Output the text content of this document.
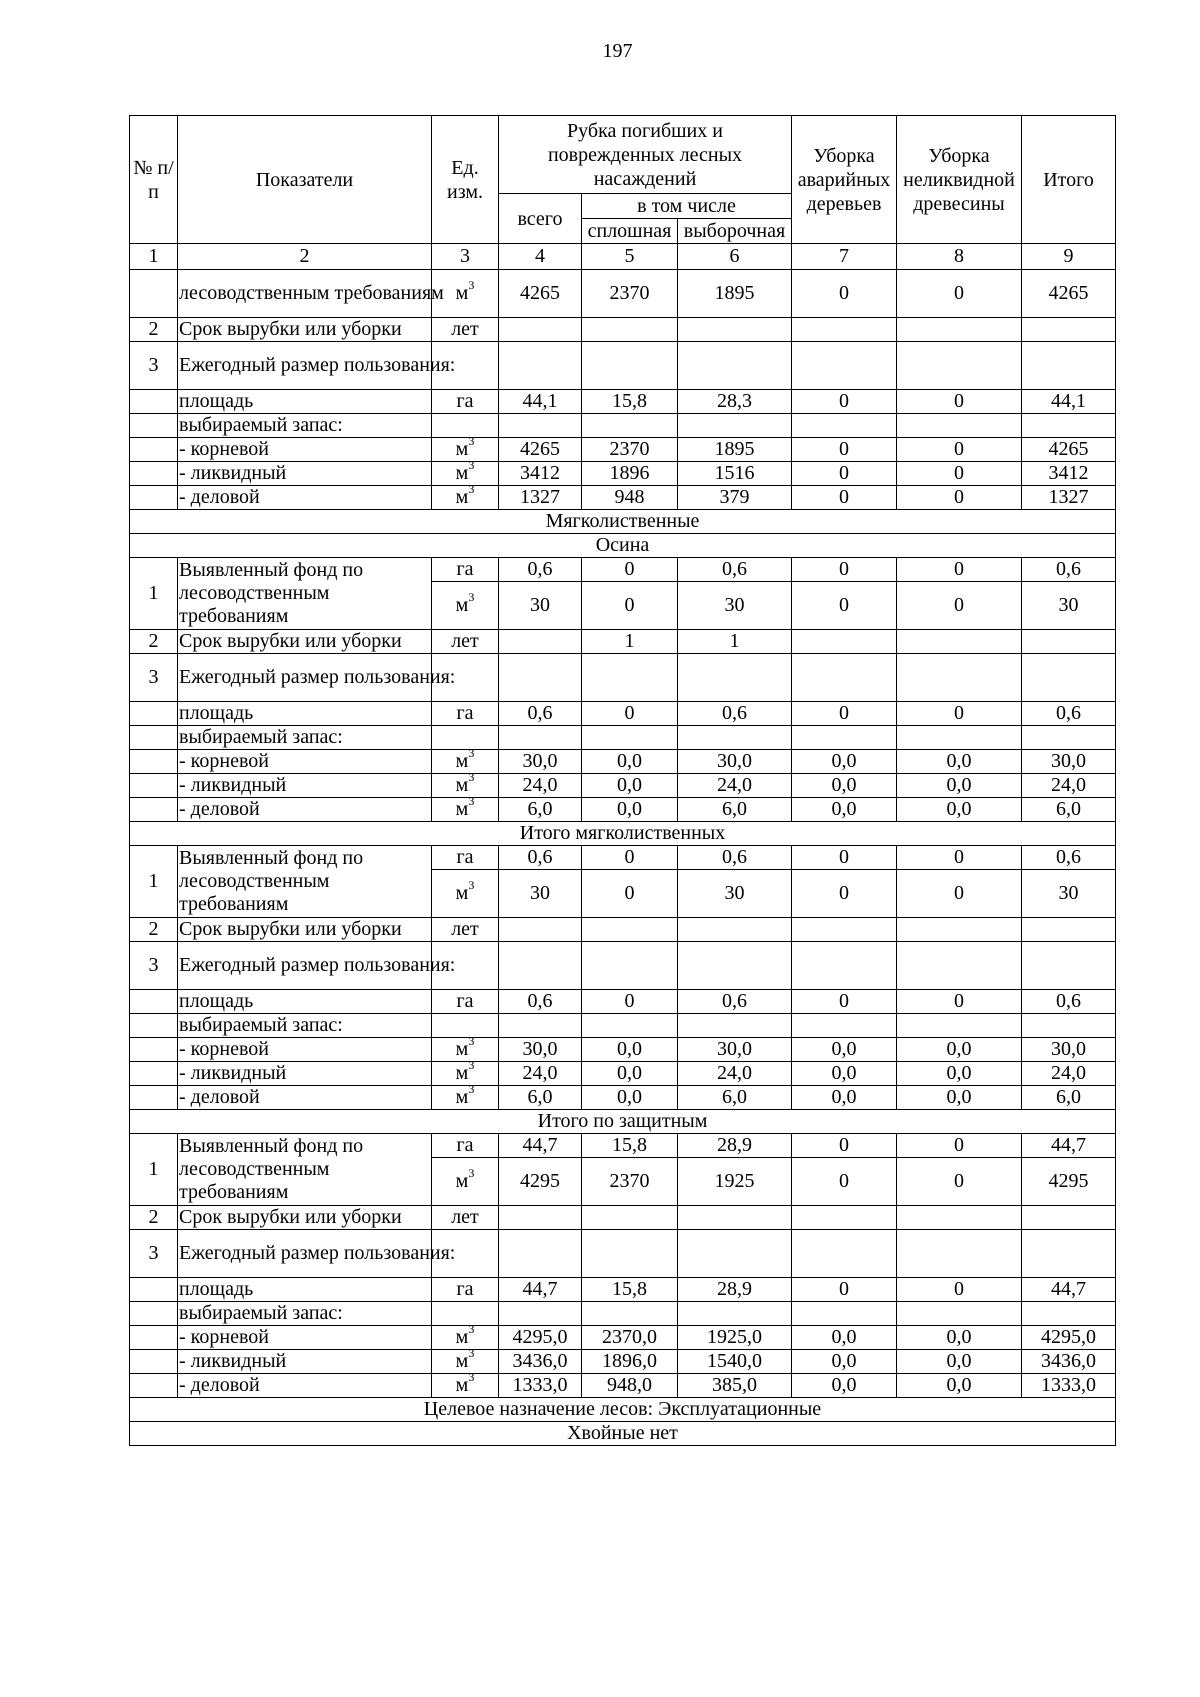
197
№ п/п	Показатели	Ед. изм.	Рубка погибших и поврежденных лесных насаждений			Уборка аварийных деревьев	Уборка неликвидной древесины	Итого
			всего	в том числе				
				сплошная	выборочная			
1	2	3	4	5	6	7	8	9
	лесоводственным требованиям	$м^3$	4265	2370	1895	0	0	4265
2	Срок вырубки или уборки	лет						
3	Ежегодный размер пользования:							
	площадь	га	44,1	15,8	28,3	0	0	44,1
	выбираемый запас:							
	- корневой	$м^3$	4265	2370	1895	0	0	4265
	- ликвидный	$м^3$	3412	1896	1516	0	0	3412
	- деловой	$м^3$	1327	948	379	0	0	1327
Мягколиственные								
Осина								
1	Выявленный фонд по лесоводственным требованиям	га	0,6	0	0,6	0	0	0,6
		$м^3$	30	0	30	0	0	30
2	Срок вырубки или уборки	лет		1	1			
3	Ежегодный размер пользования:							
	площадь	га	0,6	0	0,6	0	0	0,6
	выбираемый запас:							
	- корневой	$м^3$	30,0	0,0	30,0	0,0	0,0	30,0
	- ликвидный	$м^3$	24,0	0,0	24,0	0,0	0,0	24,0
	- деловой	$м^3$	6,0	0,0	6,0	0,0	0,0	6,0
Итого мягколиственных								
1	Выявленный фонд по лесоводственным требованиям	га	0,6	0	0,6	0	0	0,6
		$м^3$	30	0	30	0	0	30
2	Срок вырубки или уборки	лет						
3	Ежегодный размер пользования:							
	площадь	га	0,6	0	0,6	0	0	0,6
	выбираемый запас:							
	- корневой	$м^3$	30,0	0,0	30,0	0,0	0,0	30,0
	- ликвидный	$м^3$	24,0	0,0	24,0	0,0	0,0	24,0
	- деловой	$м^3$	6,0	0,0	6,0	0,0	0,0	6,0
Итого по защитным								
1	Выявленный фонд по лесоводственным требованиям	га	44,7	15,8	28,9	0	0	44,7
		$м^3$	4295	2370	1925	0	0	4295
2	Срок вырубки или уборки	лет						
3	Ежегодный размер пользования:							
	площадь	га	44,7	15,8	28,9	0	0	44,7
	выбираемый запас:							
	- корневой	$м^3$	4295,0	2370,0	1925,0	0,0	0,0	4295,0
	- ликвидный	$м^3$	3436,0	1896,0	1540,0	0,0	0,0	3436,0
	- деловой	$м^3$	1333,0	948,0	385,0	0,0	0,0	1333,0
Целевое назначение лесов: Эксплуатационные								
Хвойные нет								
